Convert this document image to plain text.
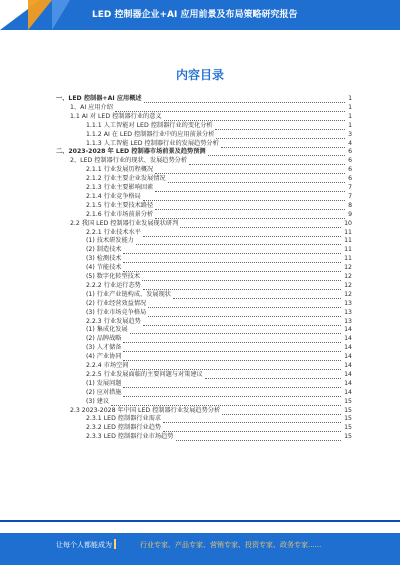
LED 控制器企业+AI 应用前景及布局策略研究报告
内容目录
一、LED 控制器+AI 应用概述	1
1、AI 应用介绍	1
1.1 AI 对 LED 控制器行业的意义	1
1.1.1 人工智能对 LED 控制器行业的变化分析	1
1.1.2 AI 在 LED 控制器行业中的应用前景分析	3
1.1.3 人工智能 LED 控制器行业的发展趋势分析	4
二、2023-2028 年 LED 控制器市场前景及趋势预测	6
2、LED 控制器行业的现状、发展趋势分析	6
2.1.1 行业发展历程概况	6
2.1.2 行业主要企业发展情况	6
2.1.3 行业主要影响因素	7
2.1.4 行业竞争格局	7
2.1.5 行业主要技术路径	8
2.1.6 行业市场前景分析	9
2.2 我国 LED 控制器行业发展现状研判	10
2.2.1 行业技术水平	11
(1) 技术研发能力	11
(2) 制造技术	11
(3) 检测技术	11
(4) 节能技术	12
(5) 数字化转型技术	12
2.2.2 行业运行态势	12
(1) 行业产业链构成、发展现状	12
(2) 行业经营效益情况	13
(3) 行业市场竞争格局	13
2.2.3 行业发展趋势	13
(1) 集成化发展	14
(2) 品牌战略	14
(3) 人才储备	14
(4) 产业协同	14
2.2.4 市场空间	14
2.2.5 行业发展面临的主要问题与对策建议	14
(1) 发展问题	14
(2) 应对措施	14
(3) 建议	15
2.3 2023-2028 年中国 LED 控制器行业发展趋势分析	15
2.3.1 LED 控制器行业需求	15
2.3.2 LED 控制器行业趋势	15
2.3.3 LED 控制器行业市场趋势	15
让每个人都能成为	行业专家、产品专家、营销专家、投资专家、政务专家......
